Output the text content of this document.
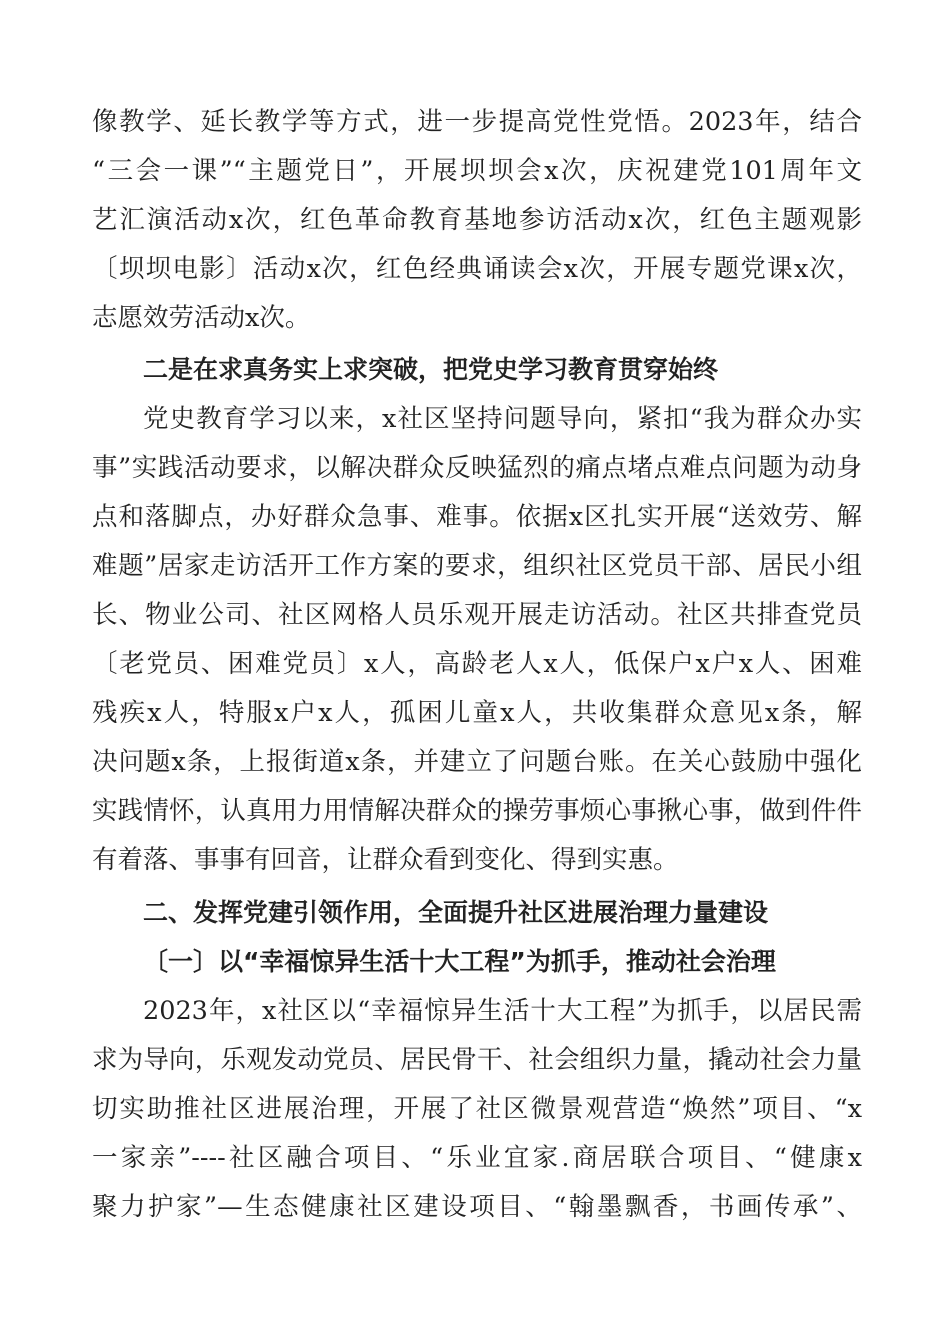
像教学、延长教学等方式，进一步提高党性党悟。2023年，结合
“三会一课”“主题党日”，开展坝坝会x次，庆祝建党101周年文
艺汇演活动x次，红色革命教育基地参访活动x次，红色主题观影
〔坝坝电影〕活动x次，红色经典诵读会x次，开展专题党课x次，
志愿效劳活动x次。
二是在求真务实上求突破，把党史学习教育贯穿始终
党史教育学习以来，x社区坚持问题导向，紧扣“我为群众办实
事”实践活动要求，以解决群众反映猛烈的痛点堵点难点问题为动身
点和落脚点，办好群众急事、难事。依据x区扎实开展“送效劳、解
难题”居家走访活开工作方案的要求，组织社区党员干部、居民小组
长、物业公司、社区网格人员乐观开展走访活动。社区共排查党员
〔老党员、困难党员〕x人，高龄老人x人，低保户x户x人、困难
残疾x人，特服x户x人，孤困儿童x人，共收集群众意见x条，解
决问题x条，上报街道x条，并建立了问题台账。在关心鼓励中强化
实践情怀，认真用力用情解决群众的操劳事烦心事揪心事，做到件件
有着落、事事有回音，让群众看到变化、得到实惠。
二、发挥党建引领作用，全面提升社区进展治理力量建设
〔一〕以“幸福惊异生活十大工程”为抓手，推动社会治理
2023年，x社区以“幸福惊异生活十大工程”为抓手，以居民需
求为导向，乐观发动党员、居民骨干、社会组织力量，撬动社会力量
切实助推社区进展治理，开展了社区微景观营造“焕然”项目、“x
一家亲”----社区融合项目、“乐业宜家.商居联合项目、“健康x
聚力护家”—生态健康社区建设项目、“翰墨飘香，书画传承”、
